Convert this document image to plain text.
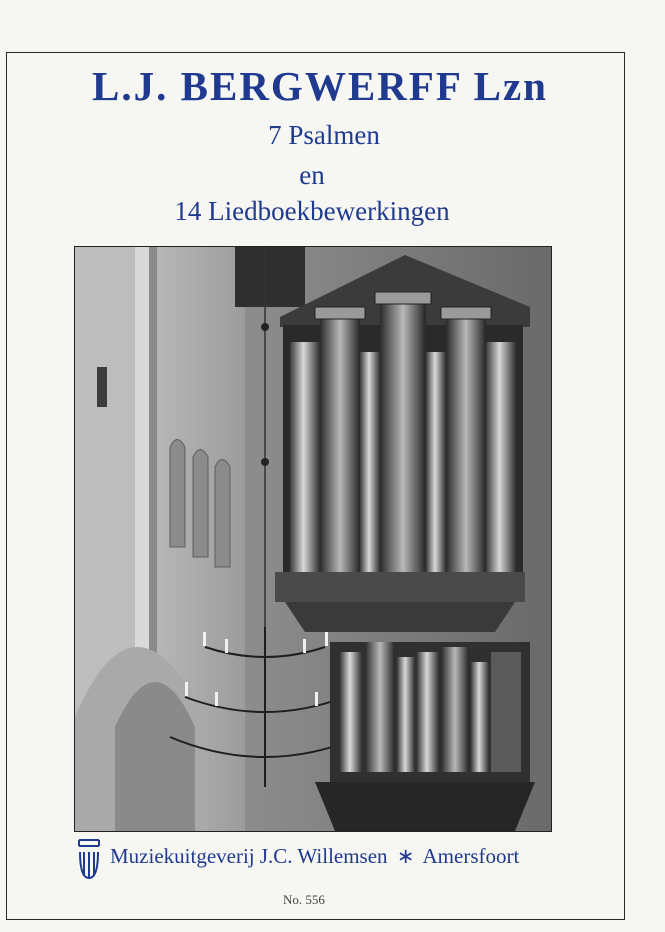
L.J. BERGWERFF Lzn
7 Psalmen
en
14 Liedboekbewerkingen
Muziekuitgeverij J.C. Willemsen ∗ Amersfoort
No. 556
